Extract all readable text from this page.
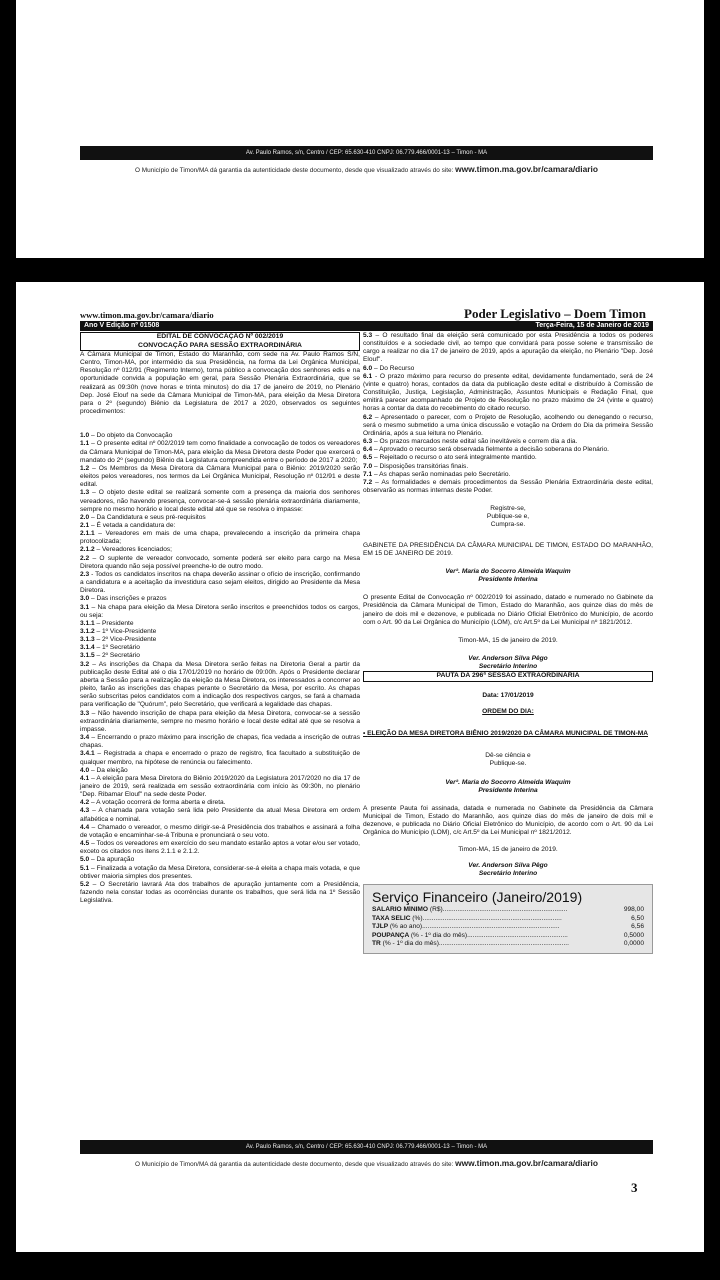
Av. Paulo Ramos, s/n, Centro / CEP: 65.630-410 CNPJ: 06.779.466/0001-13 – Timon - MA
O Município de Timon/MA dá garantia da autenticidade deste documento, desde que visualizado através do site: www.timon.ma.gov.br/camara/diario
www.timon.ma.gov.br/camara/diario	Poder Legislativo – Doem Timon
Ano V Edição nº 01508	Terça-Feira, 15 de Janeiro de 2019
EDITAL DE CONVOCAÇÃO Nº 002/2019
CONVOCAÇÃO PARA SESSÃO EXTRAORDINÁRIA

A Câmara Municipal de Timon, Estado do Maranhão, com sede na Av. Paulo Ramos S/N, Centro, Timon-MA, por intermédio da sua Presidência, na forma da Lei Orgânica Municipal, Resolução nº 012/91 (Regimento Interno), torna público a convocação dos senhores edis e na oportunidade convida a população em geral, para Sessão Plenária Extraordinária, que se realizará as 09:30h (nove horas e trinta minutos) do dia 17 de janeiro de 2019, no Plenário Dep. José Elouf na sede da Câmara Municipal de Timon-MA, para eleição da Mesa Diretora para o 2º (segundo) Biênio da Legislatura de 2017 a 2020, observados os seguintes procedimentos:

1.0 – Do objeto da Convocação

1.1 – O presente edital nº 002/2019 tem como finalidade a convocação de todos os vereadores da Câmara Municipal de Timon-MA, para eleição da Mesa Diretora deste Poder que exercerá o mandato do 2º (segundo) Biênio da Legislatura compreendida entre o período de 2017 a 2020;

1.2 – Os Membros da Mesa Diretora da Câmara Municipal para o Biênio: 2019/2020 serão eleitos pelos vereadores, nos termos da Lei Orgânica Municipal, Resolução nº 012/91 e deste edital.

1.3 – O objeto deste edital se realizará somente com a presença da maioria dos senhores vereadores, não havendo presença, convocar-se-á sessão plenária extraordinária diariamente, sempre no mesmo horário e local deste edital até que se resolva o impasse:

2.0 – Da Candidatura e seus pré-requisitos

2.1 – É vetada a candidatura de:

2.1.1 – Vereadores em mais de uma chapa, prevalecendo a inscrição da primeira chapa protocolizada;

2.1.2 – Vereadores licenciados;

2.2 – O suplente de vereador convocado, somente poderá ser eleito para cargo na Mesa Diretora quando não seja possível preenche-lo de outro modo.

2.3 - Todos os candidatos inscritos na chapa deverão assinar o ofício de inscrição, confirmando a candidatura e a aceitação da investidura caso sejam eleitos, dirigido ao Presidente da Mesa Diretora.

3.0 – Das inscrições e prazos

3.1 – Na chapa para eleição da Mesa Diretora serão inscritos e preenchidos todos os cargos, ou seja:

3.1.1 – Presidente

3.1.2 – 1º Vice-Presidente

3.1.3 – 2º Vice-Presidente

3.1.4 – 1º Secretário

3.1.5 – 2º Secretário

3.2 – As inscrições da Chapa da Mesa Diretora serão feitas na Diretoria Geral a partir da publicação deste Edital até o dia 17/01/2019 no horário de 09:00h. Após o Presidente declarar aberta a Sessão para a realização da eleição da Mesa Diretora, os interessados a concorrer ao pleito, farão as inscrições das chapas perante o Secretário da Mesa, por escrito. As chapas serão subscritas pelos candidatos com a indicação dos respectivos cargos, se fará a chamada para verificação de "Quórum", pelo Secretário, que verificará a legalidade das chapas.

3.3 – Não havendo inscrição de chapa para eleição da Mesa Diretora, convocar-se a sessão extraordinária diariamente, sempre no mesmo horário e local deste edital até que se resolva a impasse.

3.4 – Encerrando o prazo máximo para inscrição de chapas, fica vedada a inscrição de outras chapas.

3.4.1 – Registrada a chapa e encerrado o prazo de registro, fica facultado a substituição de qualquer membro, na hipótese de renúncia ou falecimento.

4.0 – Da eleição

4.1 – A eleição para Mesa Diretora do Biênio 2019/2020 da Legislatura 2017/2020 no dia 17 de janeiro de 2019, será realizada em sessão extraordinária com início às 09:30h, no plenário "Dep. Ribamar Elouf" na sede deste Poder.

4.2 – A votação ocorrerá de forma aberta e direta.

4.3 – A chamada para votação será lida pelo Presidente da atual Mesa Diretora em ordem alfabética e nominal.

4.4 – Chamado o vereador, o mesmo dirigir-se-á Presidência dos trabalhos e assinará a folha de votação e encaminhar-se-á Tribuna e pronunciará o seu voto.

4.5 – Todos os vereadores em exercício do seu mandato estarão aptos a votar e/ou ser votado, exceto os citados nos itens 2.1.1 e 2.1.2.

5.0 – Da apuração

5.1 – Finalizada a votação da Mesa Diretora, considerar-se-á eleita a chapa mais votada, e que obtiver maioria simples dos presentes.

5.2 – O Secretário lavrará Ata dos trabalhos de apuração juntamente com a Presidência, fazendo nela constar todas as ocorrências durante os trabalhos, que será lida na 1º Sessão Legislativa.

5.3 – O resultado final da eleição será comunicado por esta Presidência a todos os poderes constituídos e a sociedade civil, ao tempo que convidará para posse solene e transmissão de cargo a realizar no dia 17 de janeiro de 2019, após a apuração da eleição, no Plenário "Dep. José Elouf".

6.0 – Do Recurso

6.1 - O prazo máximo para recurso do presente edital, devidamente fundamentado, será de 24 (vinte e quatro) horas, contados da data da publicação deste edital e distribuído à Comissão de Constituição, Justiça, Legislação, Administração, Assuntos Municipais e Redação Final, que emitirá parecer acompanhado de Projeto de Resolução no prazo máximo de 24 (vinte e quatro) horas a contar da data do recebimento do citado recurso.

6.2 – Apresentado o parecer, com o Projeto de Resolução, acolhendo ou denegando o recurso, será o mesmo submetido a uma única discussão e votação na Ordem do Dia da primeira Sessão Ordinária, após a sua leitura no Plenário.

6.3 – Os prazos marcados neste edital são inevitáveis e correm dia a dia.

6.4 – Aprovado o recurso será observada fielmente a decisão soberana do Plenário.

6.5 – Rejeitado o recurso o ato será integralmente mantido.

7.0 – Disposições transitórias finais.

7.1 – As chapas serão nominadas pelo Secretário.

7.2 – As formalidades e demais procedimentos da Sessão Plenária Extraordinária deste edital, observarão as normas internas deste Poder.

Registre-se,

Publique-se e,

Cumpra-se.

GABINETE DA PRESIDÊNCIA DA CÂMARA MUNICIPAL DE TIMON, ESTADO DO MARANHÃO, EM 15 DE JANEIRO DE 2019.

Verª. Maria do Socorro Almeida Waquim

Presidente Interina

O presente Edital de Convocação nº 002/2019 foi assinado, datado e numerado no Gabinete da Presidência da Câmara Municipal de Timon, Estado do Maranhão, aos quinze dias do mês de janeiro de dois mil e dezenove, e publicada no Diário Oficial Eletrônico do Município, de acordo com o Art. 90 da Lei Orgânica do Município (LOM), c/c Art.5º da Lei Municipal nº 1821/2012.

Timon-MA, 15 de janeiro de 2019.

Ver. Anderson Silva Pêgo

Secretário Interino

PAUTA DA 296ª SESSÃO EXTRAORDINÁRIA

Data: 17/01/2019

ORDEM DO DIA:

• ELEIÇÃO DA MESA DIRETORA BIÊNIO 2019/2020 DA CÂMARA MUNICIPAL DE TIMON-MA

Dê-se ciência e

Publique-se.

Verª. Maria do Socorro Almeida Waquim

Presidente Interina

A presente Pauta foi assinada, datada e numerada no Gabinete da Presidência da Câmara Municipal de Timon, Estado do Maranhão, aos quinze dias do mês de janeiro de dois mil e dezenove, e publicada no Diário Oficial Eletrônico do Município, de acordo com o Art. 90 da Lei Orgânica do Município (LOM), c/c Art.5º da Lei Municipal nº 1821/2012.

Timon-MA, 15 de janeiro de 2019.

Ver. Anderson Silva Pêgo

Secretário Interino

Serviço Financeiro (Janeiro/2019)
SALÁRIO MÍNIMO (R$)....................................................................	998,00
TAXA SELIC (%)............................................................................	6,50
TJLP (% ao ano)...........................................................................	6,56
POUPANÇA (% - 1º dia do mês).......................................................	0,5000
TR (% - 1º dia do mês).......................................................................	0,0000
Av. Paulo Ramos, s/n, Centro / CEP: 65.630-410 CNPJ: 06.779.466/0001-13 – Timon - MA
O Município de Timon/MA dá garantia da autenticidade deste documento, desde que visualizado através do site: www.timon.ma.gov.br/camara/diario
3
